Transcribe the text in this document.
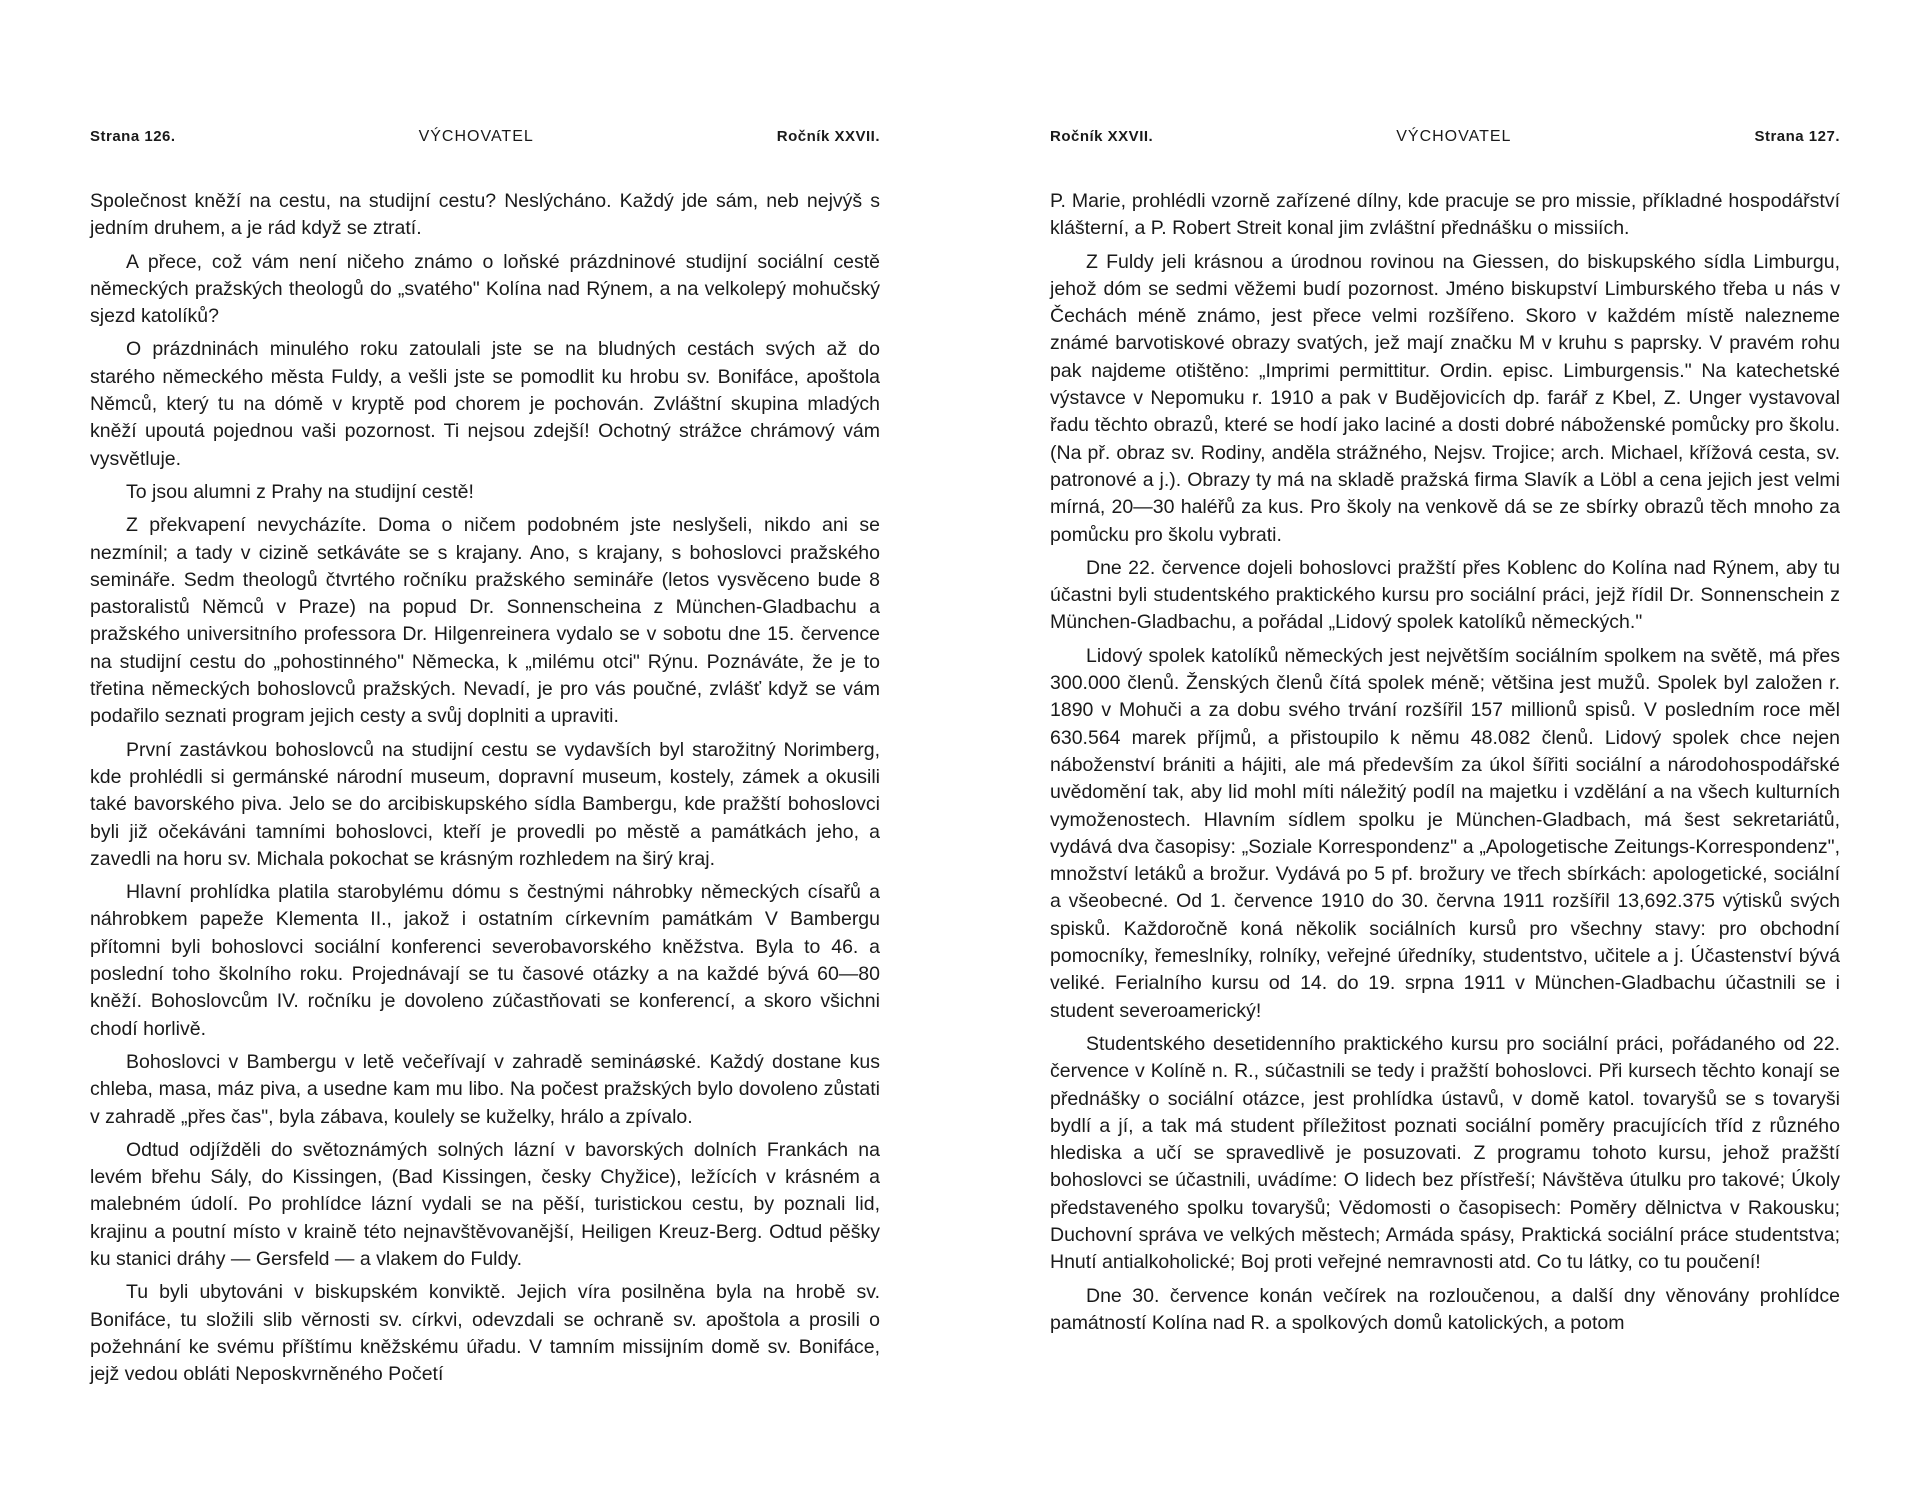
Strana 126.	VÝCHOVATEL	Ročník XXVII.

Společnost kněží na cestu, na studijní cestu? Neslýcháno. Každý jde sám, neb nejvýš s jedním druhem, a je rád když se ztratí.

A přece, což vám není ničeho známo o loňské prázdninové studijní sociální cestě německých pražských theologů do „svatého" Kolína nad Rýnem, a na velkolepý mohučský sjezd katolíků?

O prázdninách minulého roku zatoulali jste se na bludných cestách svých až do starého německého města Fuldy, a vešli jste se pomodlit ku hrobu sv. Bonifáce, apoštola Němců, který tu na dómě v kryptě pod chorem je pochován. Zvláštní skupina mladých kněží upoutá pojednou vaši pozornost. Ti nejsou zdejší! Ochotný strážce chrámový vám vysvětluje.

To jsou alumni z Prahy na studijní cestě!

Z překvapení nevycházíte. Doma o ničem podobném jste neslyšeli, nikdo ani se nezmínil; a tady v cizině setkáváte se s krajany. Ano, s krajany, s bohoslovci pražského semináře. Sedm theologů čtvrtého ročníku pražského semináře (letos vysvěceno bude 8 pastoralistů Němců v Praze) na popud Dr. Sonnenscheina z München-Gladbachu a pražského universitního professora Dr. Hilgenreinera vydalo se v sobotu dne 15. července na studijní cestu do „pohostinného" Německa, k „milému otci" Rýnu. Poznáváte, že je to třetina německých bohoslovců pražských. Nevadí, je pro vás poučné, zvlášť když se vám podařilo seznati program jejich cesty a svůj doplniti a upraviti.

První zastávkou bohoslovců na studijní cestu se vydavších byl starožitný Norimberg, kde prohlédli si germánské národní museum, dopravní museum, kostely, zámek a okusili také bavorského piva. Jelo se do arcibiskupského sídla Bambergu, kde pražští bohoslovci byli již očekáváni tamními bohoslovci, kteří je provedli po městě a památkách jeho, a zavedli na horu sv. Michala pokochat se krásným rozhledem na širý kraj.

Hlavní prohlídka platila starobylému dómu s čestnými náhrobky německých císařů a náhrobkem papeže Klementa II., jakož i ostatním církevním památkám V Bambergu přítomni byli bohoslovci sociální konferenci severobavorského kněžstva. Byla to 46. a poslední toho školního roku. Projednávají se tu časové otázky a na každé bývá 60—80 kněží. Bohoslovcům IV. ročníku je dovoleno zúčastňovati se konferencí, a skoro všichni chodí horlivě.

Bohoslovci v Bambergu v letě večeřívají v zahradě semináøské. Každý dostane kus chleba, masa, máz piva, a usedne kam mu libo. Na počest pražských bylo dovoleno zůstati v zahradě „přes čas", byla zábava, koulely se kuželky, hrálo a zpívalo.

Odtud odjížděli do světoznámých solných lázní v bavorských dolních Frankách na levém břehu Sály, do Kissingen, (Bad Kissingen, česky Chyžice), ležících v krásném a malebném údolí. Po prohlídce lázní vydali se na pěší, turistickou cestu, by poznali lid, krajinu a poutní místo v kraině této nejnavštěvovanější, Heiligen Kreuz-Berg. Odtud pěšky ku stanici dráhy — Gersfeld — a vlakem do Fuldy.

Tu byli ubytováni v biskupském konviktě. Jejich víra posilněna byla na hrobě sv. Bonifáce, tu složili slib věrnosti sv. církvi, odevzdali se ochraně sv. apoštola a prosili o požehnání ke svému příštímu kněžskému úřadu. V tamním missijním domě sv. Bonifáce, jejž vedou obláti Neposkvrněného Početí

Ročník XXVII.	VÝCHOVATEL	Strana 127.

P. Marie, prohlédli vzorně zařízené dílny, kde pracuje se pro missie, příkladné hospodářství klášterní, a P. Robert Streit konal jim zvláštní přednášku o missiích.

Z Fuldy jeli krásnou a úrodnou rovinou na Giessen, do biskupského sídla Limburgu, jehož dóm se sedmi věžemi budí pozornost. Jméno biskupství Limburského třeba u nás v Čechách méně známo, jest přece velmi rozšířeno. Skoro v každém místě nalezneme známé barvotiskové obrazy svatých, jež mají značku M v kruhu s paprsky. V pravém rohu pak najdeme otištěno: „Imprimi permittitur. Ordin. episc. Limburgensis." Na katechetské výstavce v Nepomuku r. 1910 a pak v Budějovicích dp. farář z Kbel, Z. Unger vystavoval řadu těchto obrazů, které se hodí jako laciné a dosti dobré náboženské pomůcky pro školu. (Na př. obraz sv. Rodiny, anděla strážného, Nejsv. Trojice; arch. Michael, křížová cesta, sv. patronové a j.). Obrazy ty má na skladě pražská firma Slavík a Löbl a cena jejich jest velmi mírná, 20—30 haléřů za kus. Pro školy na venkově dá se ze sbírky obrazů těch mnoho za pomůcku pro školu vybrati.

Dne 22. července dojeli bohoslovci pražští přes Koblenc do Kolína nad Rýnem, aby tu účastni byli studentského praktického kursu pro sociální práci, jejž řídil Dr. Sonnenschein z München-Gladbachu, a pořádal „Lidový spolek katolíků německých."

Lidový spolek katolíků německých jest největším sociálním spolkem na světě, má přes 300.000 členů. Ženských členů čítá spolek méně; většina jest mužů. Spolek byl založen r. 1890 v Mohuči a za dobu svého trvání rozšířil 157 millionů spisů. V posledním roce měl 630.564 marek příjmů, a přistoupilo k němu 48.082 členů. Lidový spolek chce nejen náboženství brániti a hájiti, ale má především za úkol šířiti sociální a národohospodářské uvědomění tak, aby lid mohl míti náležitý podíl na majetku i vzdělání a na všech kulturních vymoženostech. Hlavním sídlem spolku je München-Gladbach, má šest sekretariátů, vydává dva časopisy: „Soziale Korrespondenz" a „Apologetische Zeitungs-Korrespondenz", množství letáků a brožur. Vydává po 5 pf. brožury ve třech sbírkách: apologetické, sociální a všeobecné. Od 1. července 1910 do 30. června 1911 rozšířil 13,692.375 výtisků svých spisků. Každoročně koná několik sociálních kursů pro všechny stavy: pro obchodní pomocníky, řemeslníky, rolníky, veřejné úředníky, studentstvo, učitele a j. Účastenství bývá veliké. Ferialního kursu od 14. do 19. srpna 1911 v München-Gladbachu účastnili se i student severoamerický!

Studentského desetidenního praktického kursu pro sociální práci, pořádaného od 22. července v Kolíně n. R., súčastnili se tedy i pražští bohoslovci. Při kursech těchto konají se přednášky o sociální otázce, jest prohlídka ústavů, v domě katol. tovaryšů se s tovaryši bydlí a jí, a tak má student příležitost poznati sociální poměry pracujících tříd z různého hlediska a učí se spravedlivě je posuzovati. Z programu tohoto kursu, jehož pražští bohoslovci se účastnili, uvádíme: O lidech bez přístřeší; Návštěva útulku pro takové; Úkoly představeného spolku tovaryšů; Vědomosti o časopisech: Poměry dělnictva v Rakousku; Duchovní správa ve velkých městech; Armáda spásy, Praktická sociální práce studentstva; Hnutí antialkoholické; Boj proti veřejné nemravnosti atd. Co tu látky, co tu poučení!

Dne 30. července konán večírek na rozloučenou, a další dny věnovány prohlídce památností Kolína nad R. a spolkových domů katolických, a potom
